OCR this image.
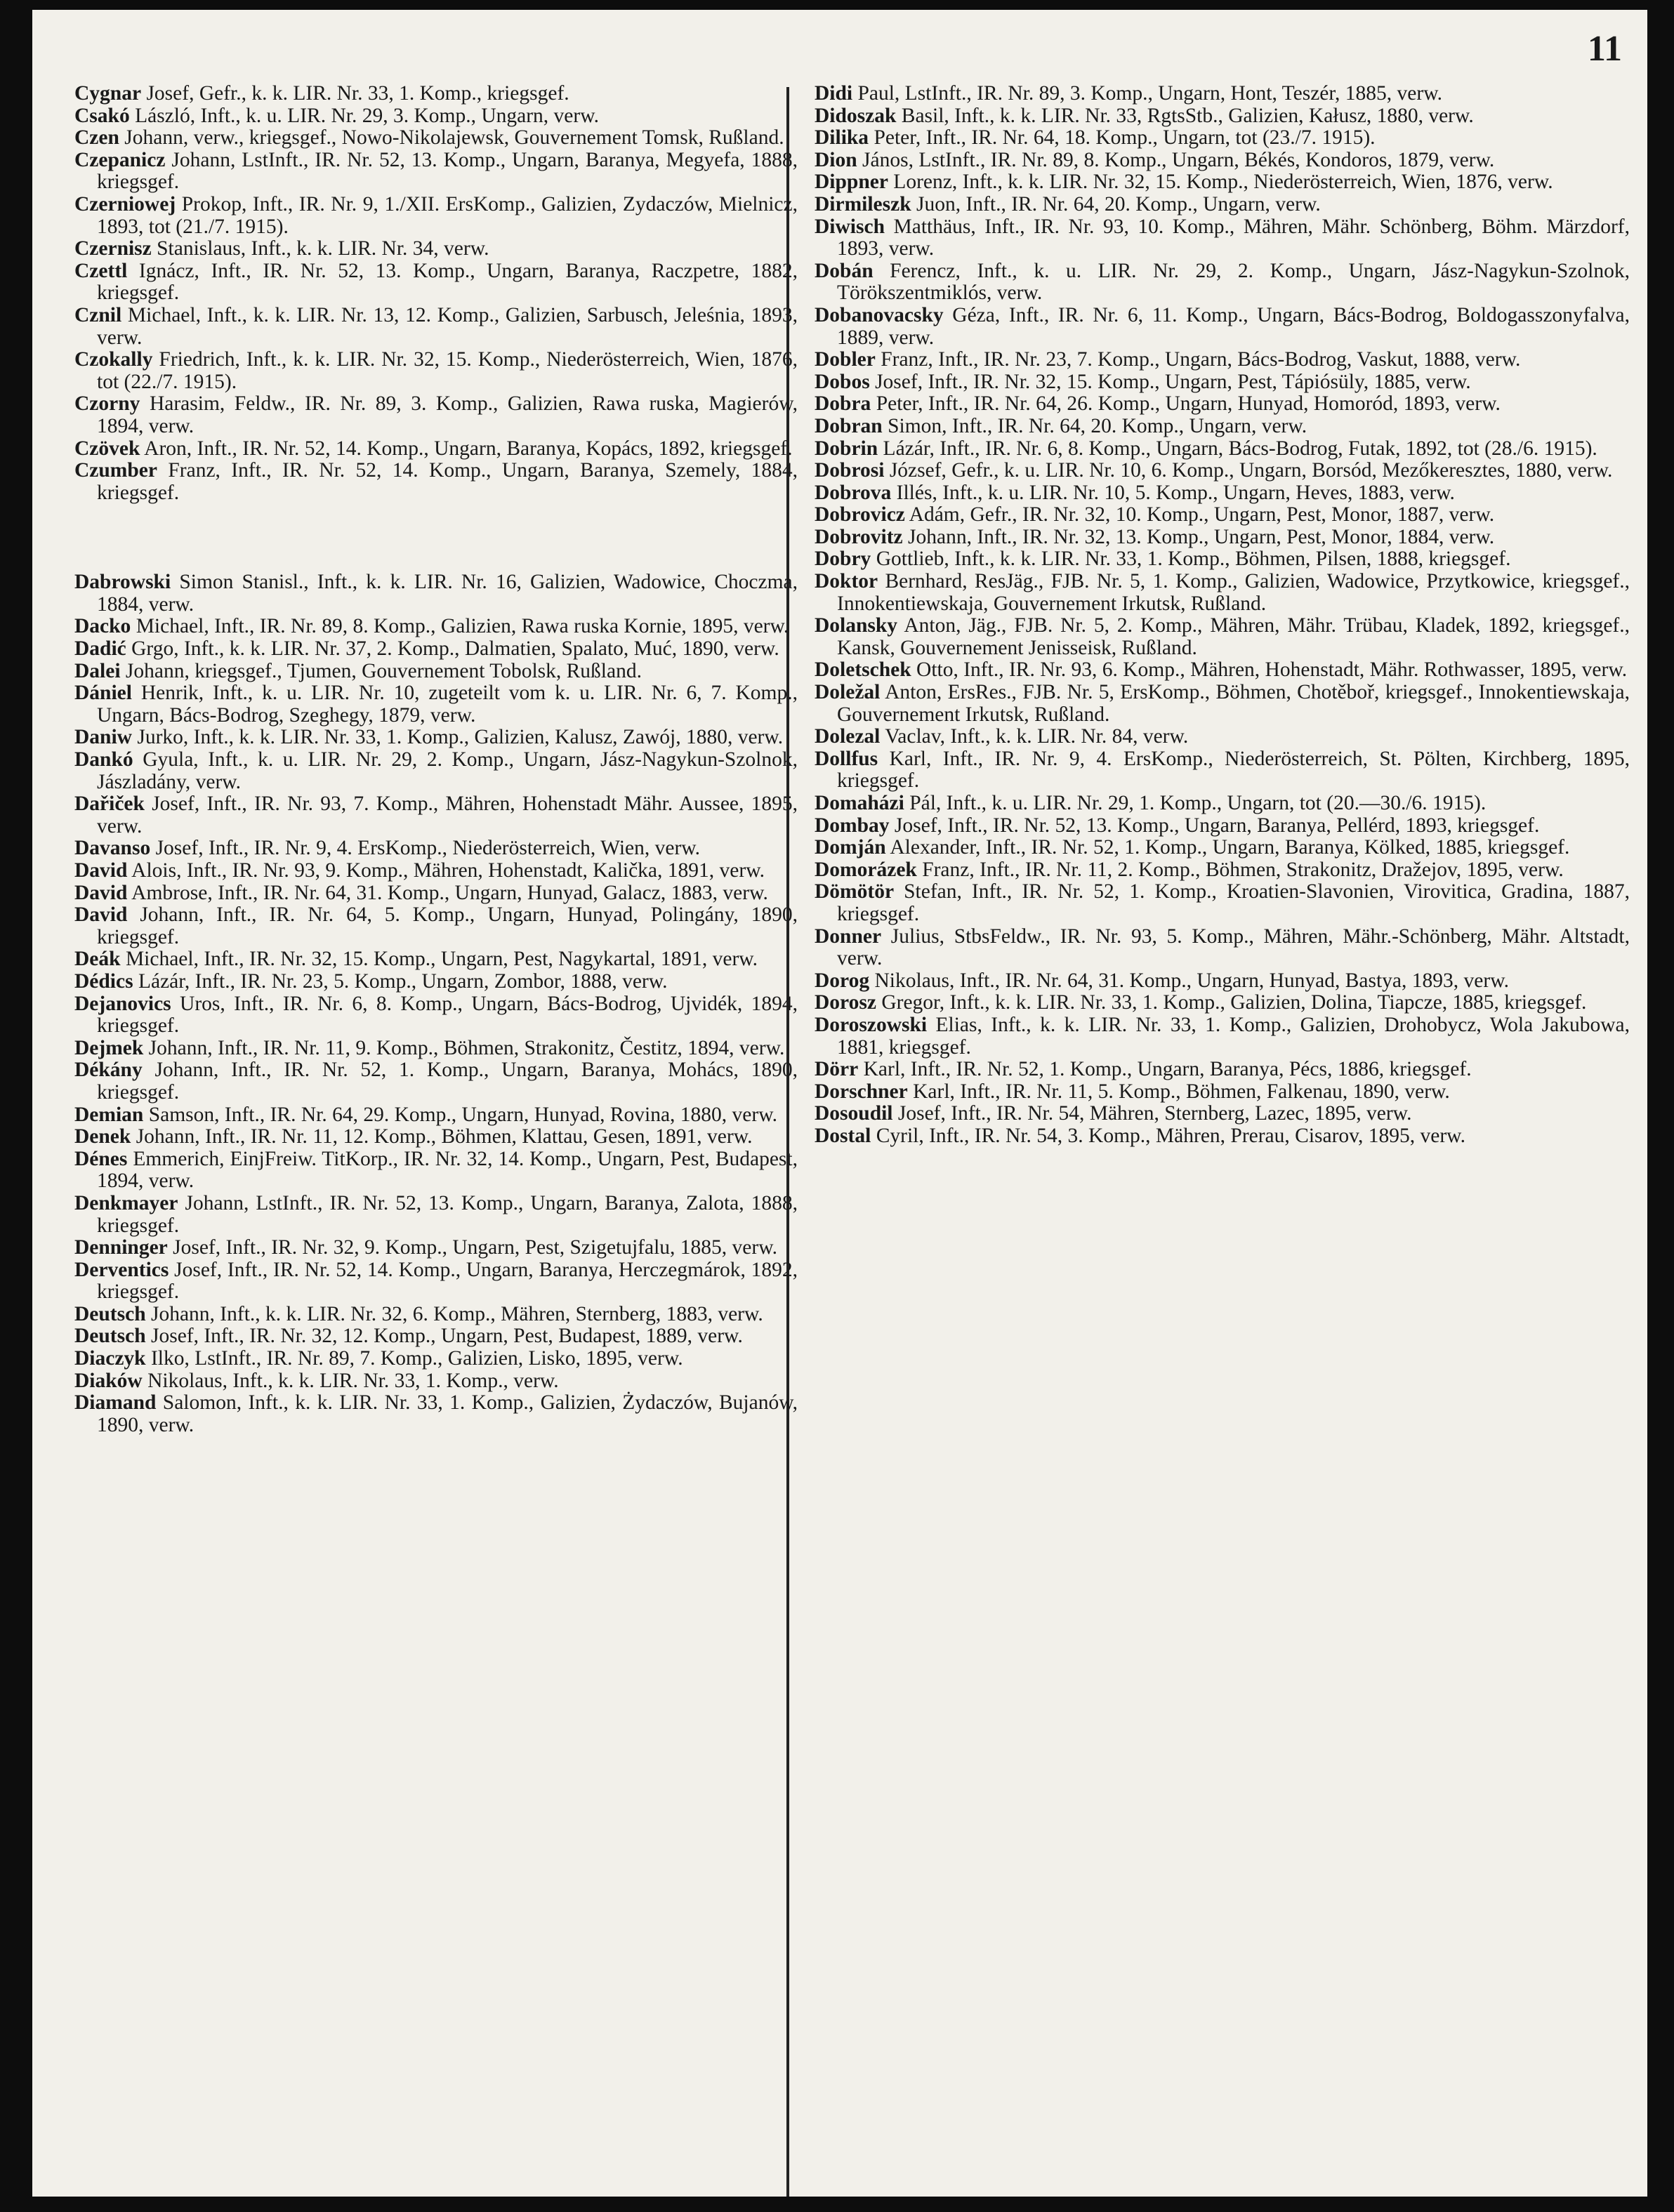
11

Cygnar Josef, Gefr., k. k. LIR. Nr. 33, 1. Komp., kriegsgef.

Csakó László, Inft., k. u. LIR. Nr. 29, 3. Komp., Ungarn, verw.

Czen Johann, verw., kriegsgef., Nowo-Nikolajewsk, Gouvernement Tomsk, Rußland.

Czepanicz Johann, LstInft., IR. Nr. 52, 13. Komp., Ungarn, Baranya, Megyefa, 1888, kriegsgef.

Czerniowej Prokop, Inft., IR. Nr. 9, 1./XII. ErsKomp., Galizien, Zydaczów, Mielnicz, 1893, tot (21./7. 1915).

Czernisz Stanislaus, Inft., k. k. LIR. Nr. 34, verw.

Czettl Ignácz, Inft., IR. Nr. 52, 13. Komp., Ungarn, Baranya, Raczpetre, 1882, kriegsgef.

Cznil Michael, Inft., k. k. LIR. Nr. 13, 12. Komp., Galizien, Sarbusch, Jeleśnia, 1893, verw.

Czokally Friedrich, Inft., k. k. LIR. Nr. 32, 15. Komp., Niederösterreich, Wien, 1876, tot (22./7. 1915).

Czorny Harasim, Feldw., IR. Nr. 89, 3. Komp., Galizien, Rawa ruska, Magierów, 1894, verw.

Czövek Aron, Inft., IR. Nr. 52, 14. Komp., Ungarn, Baranya, Kopács, 1892, kriegsgef.

Czumber Franz, Inft., IR. Nr. 52, 14. Komp., Ungarn, Baranya, Szemely, 1884, kriegsgef.

Dabrowski Simon Stanisl., Inft., k. k. LIR. Nr. 16, Galizien, Wadowice, Choczma, 1884, verw.

Dacko Michael, Inft., IR. Nr. 89, 8. Komp., Galizien, Rawa ruska Kornie, 1895, verw.

Dadić Grgo, Inft., k. k. LIR. Nr. 37, 2. Komp., Dalmatien, Spalato, Muć, 1890, verw.

Dalei Johann, kriegsgef., Tjumen, Gouvernement Tobolsk, Rußland.

Dániel Henrik, Inft., k. u. LIR. Nr. 10, zugeteilt vom k. u. LIR. Nr. 6, 7. Komp., Ungarn, Bács-Bodrog, Szeghegy, 1879, verw.

Daniw Jurko, Inft., k. k. LIR. Nr. 33, 1. Komp., Galizien, Kalusz, Zawój, 1880, verw.

Dankó Gyula, Inft., k. u. LIR. Nr. 29, 2. Komp., Ungarn, Jász-Nagykun-Szolnok, Jászladány, verw.

Dařiček Josef, Inft., IR. Nr. 93, 7. Komp., Mähren, Hohenstadt Mähr. Aussee, 1895, verw.

Davanso Josef, Inft., IR. Nr. 9, 4. ErsKomp., Niederösterreich, Wien, verw.

David Alois, Inft., IR. Nr. 93, 9. Komp., Mähren, Hohenstadt, Kalička, 1891, verw.

David Ambrose, Inft., IR. Nr. 64, 31. Komp., Ungarn, Hunyad, Galacz, 1883, verw.

David Johann, Inft., IR. Nr. 64, 5. Komp., Ungarn, Hunyad, Polingány, 1890, kriegsgef.

Deák Michael, Inft., IR. Nr. 32, 15. Komp., Ungarn, Pest, Nagykartal, 1891, verw.

Dédics Lázár, Inft., IR. Nr. 23, 5. Komp., Ungarn, Zombor, 1888, verw.

Dejanovics Uros, Inft., IR. Nr. 6, 8. Komp., Ungarn, Bács-Bodrog, Ujvidék, 1894, kriegsgef.

Dejmek Johann, Inft., IR. Nr. 11, 9. Komp., Böhmen, Strakonitz, Čestitz, 1894, verw.

Dékány Johann, Inft., IR. Nr. 52, 1. Komp., Ungarn, Baranya, Mohács, 1890, kriegsgef.

Demian Samson, Inft., IR. Nr. 64, 29. Komp., Ungarn, Hunyad, Rovina, 1880, verw.

Denek Johann, Inft., IR. Nr. 11, 12. Komp., Böhmen, Klattau, Gesen, 1891, verw.

Dénes Emmerich, EinjFreiw. TitKorp., IR. Nr. 32, 14. Komp., Ungarn, Pest, Budapest, 1894, verw.

Denkmayer Johann, LstInft., IR. Nr. 52, 13. Komp., Ungarn, Baranya, Zalota, 1888, kriegsgef.

Denninger Josef, Inft., IR. Nr. 32, 9. Komp., Ungarn, Pest, Szigetujfalu, 1885, verw.

Derventics Josef, Inft., IR. Nr. 52, 14. Komp., Ungarn, Baranya, Herczegmárok, 1892, kriegsgef.

Deutsch Johann, Inft., k. k. LIR. Nr. 32, 6. Komp., Mähren, Sternberg, 1883, verw.

Deutsch Josef, Inft., IR. Nr. 32, 12. Komp., Ungarn, Pest, Budapest, 1889, verw.

Diaczyk Ilko, LstInft., IR. Nr. 89, 7. Komp., Galizien, Lisko, 1895, verw.

Diaków Nikolaus, Inft., k. k. LIR. Nr. 33, 1. Komp., verw.

Diamand Salomon, Inft., k. k. LIR. Nr. 33, 1. Komp., Galizien, Żydaczów, Bujanów, 1890, verw.

Didi Paul, LstInft., IR. Nr. 89, 3. Komp., Ungarn, Hont, Teszér, 1885, verw.

Didoszak Basil, Inft., k. k. LIR. Nr. 33, RgtsStb., Galizien, Kałusz, 1880, verw.

Dilika Peter, Inft., IR. Nr. 64, 18. Komp., Ungarn, tot (23./7. 1915).

Dion János, LstInft., IR. Nr. 89, 8. Komp., Ungarn, Békés, Kondoros, 1879, verw.

Dippner Lorenz, Inft., k. k. LIR. Nr. 32, 15. Komp., Niederösterreich, Wien, 1876, verw.

Dirmileszk Juon, Inft., IR. Nr. 64, 20. Komp., Ungarn, verw.

Diwisch Matthäus, Inft., IR. Nr. 93, 10. Komp., Mähren, Mähr. Schönberg, Böhm. Märzdorf, 1893, verw.

Dobán Ferencz, Inft., k. u. LIR. Nr. 29, 2. Komp., Ungarn, Jász-Nagykun-Szolnok, Törökszentmiklós, verw.

Dobanovacsky Géza, Inft., IR. Nr. 6, 11. Komp., Ungarn, Bács-Bodrog, Boldogasszonyfalva, 1889, verw.

Dobler Franz, Inft., IR. Nr. 23, 7. Komp., Ungarn, Bács-Bodrog, Vaskut, 1888, verw.

Dobos Josef, Inft., IR. Nr. 32, 15. Komp., Ungarn, Pest, Tápiósüly, 1885, verw.

Dobra Peter, Inft., IR. Nr. 64, 26. Komp., Ungarn, Hunyad, Homoród, 1893, verw.

Dobran Simon, Inft., IR. Nr. 64, 20. Komp., Ungarn, verw.

Dobrin Lázár, Inft., IR. Nr. 6, 8. Komp., Ungarn, Bács-Bodrog, Futak, 1892, tot (28./6. 1915).

Dobrosi József, Gefr., k. u. LIR. Nr. 10, 6. Komp., Ungarn, Borsód, Mezőkeresztes, 1880, verw.

Dobrova Illés, Inft., k. u. LIR. Nr. 10, 5. Komp., Ungarn, Heves, 1883, verw.

Dobrovicz Adám, Gefr., IR. Nr. 32, 10. Komp., Ungarn, Pest, Monor, 1887, verw.

Dobrovitz Johann, Inft., IR. Nr. 32, 13. Komp., Ungarn, Pest, Monor, 1884, verw.

Dobry Gottlieb, Inft., k. k. LIR. Nr. 33, 1. Komp., Böhmen, Pilsen, 1888, kriegsgef.

Doktor Bernhard, ResJäg., FJB. Nr. 5, 1. Komp., Galizien, Wadowice, Przytkowice, kriegsgef., Innokentiewskaja, Gouvernement Irkutsk, Rußland.

Dolansky Anton, Jäg., FJB. Nr. 5, 2. Komp., Mähren, Mähr. Trübau, Kladek, 1892, kriegsgef., Kansk, Gouvernement Jenisseisk, Rußland.

Doletschek Otto, Inft., IR. Nr. 93, 6. Komp., Mähren, Hohenstadt, Mähr. Rothwasser, 1895, verw.

Doležal Anton, ErsRes., FJB. Nr. 5, ErsKomp., Böhmen, Chotěboř, kriegsgef., Innokentiewskaja, Gouvernement Irkutsk, Rußland.

Dolezal Vaclav, Inft., k. k. LIR. Nr. 84, verw.

Dollfus Karl, Inft., IR. Nr. 9, 4. ErsKomp., Niederösterreich, St. Pölten, Kirchberg, 1895, kriegsgef.

Domaházi Pál, Inft., k. u. LIR. Nr. 29, 1. Komp., Ungarn, tot (20.—30./6. 1915).

Dombay Josef, Inft., IR. Nr. 52, 13. Komp., Ungarn, Baranya, Pellérd, 1893, kriegsgef.

Domján Alexander, Inft., IR. Nr. 52, 1. Komp., Ungarn, Baranya, Kölked, 1885, kriegsgef.

Domorázek Franz, Inft., IR. Nr. 11, 2. Komp., Böhmen, Strakonitz, Dražejov, 1895, verw.

Dömötör Stefan, Inft., IR. Nr. 52, 1. Komp., Kroatien-Slavonien, Virovitica, Gradina, 1887, kriegsgef.

Donner Julius, StbsFeldw., IR. Nr. 93, 5. Komp., Mähren, Mähr.-Schönberg, Mähr. Altstadt, verw.

Dorog Nikolaus, Inft., IR. Nr. 64, 31. Komp., Ungarn, Hunyad, Bastya, 1893, verw.

Dorosz Gregor, Inft., k. k. LIR. Nr. 33, 1. Komp., Galizien, Dolina, Tiapcze, 1885, kriegsgef.

Doroszowski Elias, Inft., k. k. LIR. Nr. 33, 1. Komp., Galizien, Drohobycz, Wola Jakubowa, 1881, kriegsgef.

Dörr Karl, Inft., IR. Nr. 52, 1. Komp., Ungarn, Baranya, Pécs, 1886, kriegsgef.

Dorschner Karl, Inft., IR. Nr. 11, 5. Komp., Böhmen, Falkenau, 1890, verw.

Dosoudil Josef, Inft., IR. Nr. 54, Mähren, Sternberg, Lazec, 1895, verw.

Dostal Cyril, Inft., IR. Nr. 54, 3. Komp., Mähren, Prerau, Cisarov, 1895, verw.
